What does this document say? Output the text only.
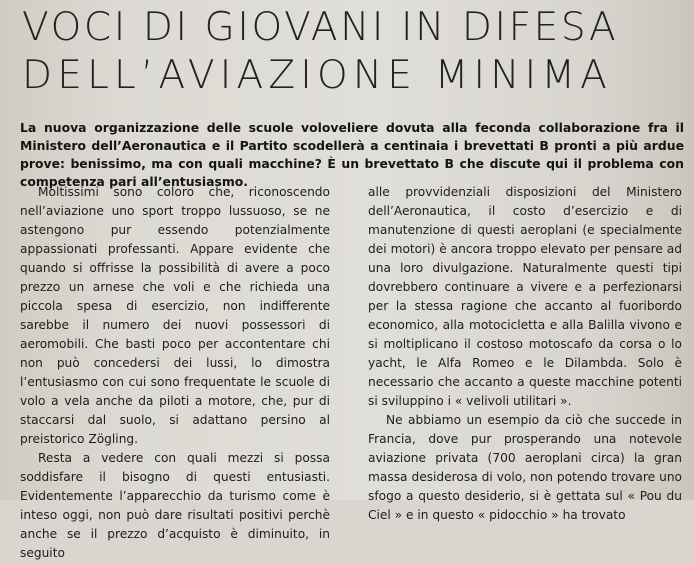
VOCI DI GIOVANI IN DIFESA
DELL’AVIAZIONE MINIMA
La nuova organizzazione delle scuole voloveliere dovuta alla feconda collaborazione fra il Ministero dell’Aeronautica e il Partito scodellerà a centinaia i brevettati B pronti a più ardue prove: benissimo, ma con quali macchine? È un brevettato B che discute qui il problema con competenza pari all’entusiasmo.

Moltissimi sono coloro che, riconoscendo nell’aviazione uno sport troppo lussuoso, se ne astengono pur essendo potenzialmente appassionati professanti. Appare evidente che quando si offrisse la possibilità di avere a poco prezzo un arnese che voli e che richieda una piccola spesa di esercizio, non indifferente sarebbe il numero dei nuovi possessori di aeromobili. Che basti poco per accontentare chi non può concedersi dei lussi, lo dimostra l’entusiasmo con cui sono frequentate le scuole di volo a vela anche da piloti a motore, che, pur di staccarsi dal suolo, si adattano persino al preistorico Zögling.

Resta a vedere con quali mezzi si possa soddisfare il bisogno di questi entusiasti. Evidentemente l’apparecchio da turismo come è inteso oggi, non può dare risultati positivi perchè anche se il prezzo d’acquisto è diminuito, in seguito

alle provvidenziali disposizioni del Ministero dell’Aeronautica, il costo d’esercizio e di manutenzione di questi aeroplani (e specialmente dei motori) è ancora troppo elevato per pensare ad una loro divulgazione. Naturalmente questi tipi dovrebbero continuare a vivere e a perfezionarsi per la stessa ragione che accanto al fuoribordo economico, alla motocicletta e alla Balilla vivono e si moltiplicano il costoso motoscafo da corsa o lo yacht, le Alfa Romeo e le Dilambda. Solo è necessario che accanto a queste macchine potenti si sviluppino i « velivoli utilitari ».

Ne abbiamo un esempio da ciò che succede in Francia, dove pur prosperando una notevole aviazione privata (700 aeroplani circa) la gran massa desiderosa di volo, non potendo trovare uno sfogo a questo desiderio, si è gettata sul « Pou du Ciel » e in questo « pidocchio » ha trovato
